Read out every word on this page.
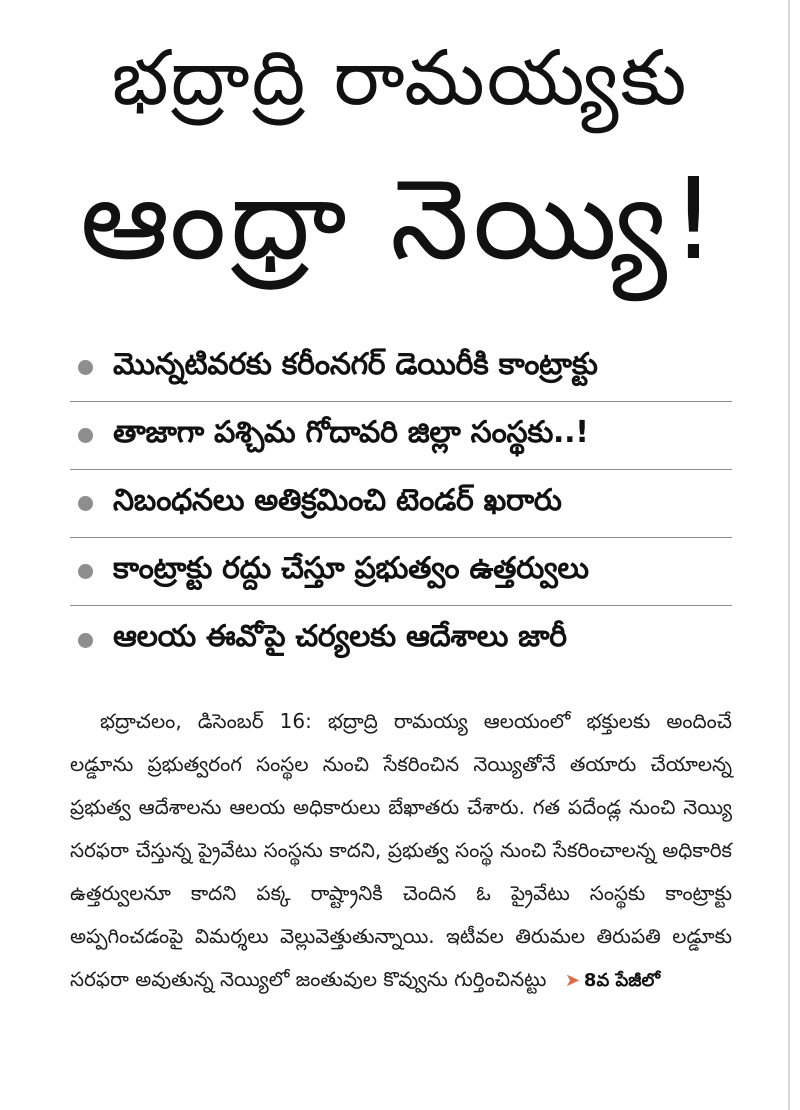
భద్రాద్రి రామయ్యకు
ఆంధ్రా నెయ్యి!
మొన్నటివరకు కరీంనగర్ డెయిరీకి కాంట్రాక్టు
తాజాగా పశ్చిమ గోదావరి జిల్లా సంస్థకు..!
నిబంధనలు అతిక్రమించి టెండర్ ఖరారు
కాంట్రాక్టు రద్దు చేస్తూ ప్రభుత్వం ఉత్తర్వులు
ఆలయ ఈవోపై చర్యలకు ఆదేశాలు జారీ
భద్రాచలం, డిసెంబర్ 16: భద్రాద్రి రామయ్య ఆలయంలో భక్తులకు అందించే లడ్డూను ప్రభుత్వరంగ సంస్థల నుంచి సేకరించిన నెయ్యితోనే తయారు చేయాలన్న ప్రభుత్వ ఆదేశాలను ఆలయ అధికారులు బేఖాతరు చేశారు. గత పదేండ్ల నుంచి నెయ్యి సరఫరా చేస్తున్న ప్రైవేటు సంస్థను కాదని, ప్రభుత్వ సంస్థ నుంచి సేకరించాలన్న అధికారిక ఉత్తర్వులనూ కాదని పక్క రాష్ట్రానికి చెందిన ఓ ప్రైవేటు సంస్థకు కాంట్రాక్టు అప్పగించడంపై విమర్శలు వెల్లువెత్తుతున్నాయి. ఇటీవల తిరుమల తిరుపతి లడ్డూకు సరఫరా అవుతున్న నెయ్యిలో జంతువుల కొవ్వును గుర్తించినట్టు ➤ 8వ పేజీలో
